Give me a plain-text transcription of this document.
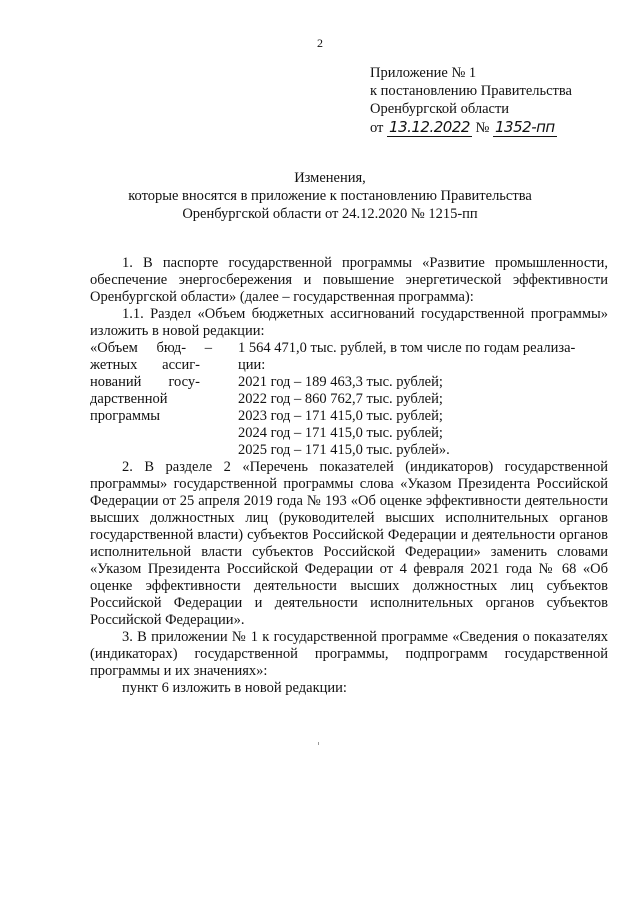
2
Приложение № 1
к постановлению Правительства
Оренбургской области
от 13.12.2022 № 1352-пп
Изменения,
которые вносятся в приложение к постановлению Правительства
Оренбургской области от 24.12.2020 № 1215-пп

1. В паспорте государственной программы «Развитие промышленности, обеспечение энергосбережения и повышение энергетической эффективности Оренбургской области» (далее – государственная программа):

1.1. Раздел «Объем бюджетных ассигнований государственной программы» изложить в новой редакции:

«Объем бюд- –
жетных ассиг-
нований госу-
дарственной
программы
1 564 471,0 тыс. рублей, в том числе по годам реализа-
ции:
2021 год – 189 463,3 тыс. рублей;
2022 год – 860 762,7 тыс. рублей;
2023 год – 171 415,0 тыс. рублей;
2024 год – 171 415,0 тыс. рублей;
2025 год – 171 415,0 тыс. рублей».

2. В разделе 2 «Перечень показателей (индикаторов) государственной программы» государственной программы слова «Указом Президента Российской Федерации от 25 апреля 2019 года № 193 «Об оценке эффективности деятельности высших должностных лиц (руководителей высших исполнительных органов государственной власти) субъектов Российской Федерации и деятельности органов исполнительной власти субъектов Российской Федерации» заменить словами «Указом Президента Российской Федерации от 4 февраля 2021 года № 68 «Об оценке эффективности деятельности высших должностных лиц субъектов Российской Федерации и деятельности исполнительных органов субъектов Российской Федерации».

3. В приложении № 1 к государственной программе «Сведения о показателях (индикаторах) государственной программы, подпрограмм государственной программы и их значениях»:

пункт 6 изложить в новой редакции:
